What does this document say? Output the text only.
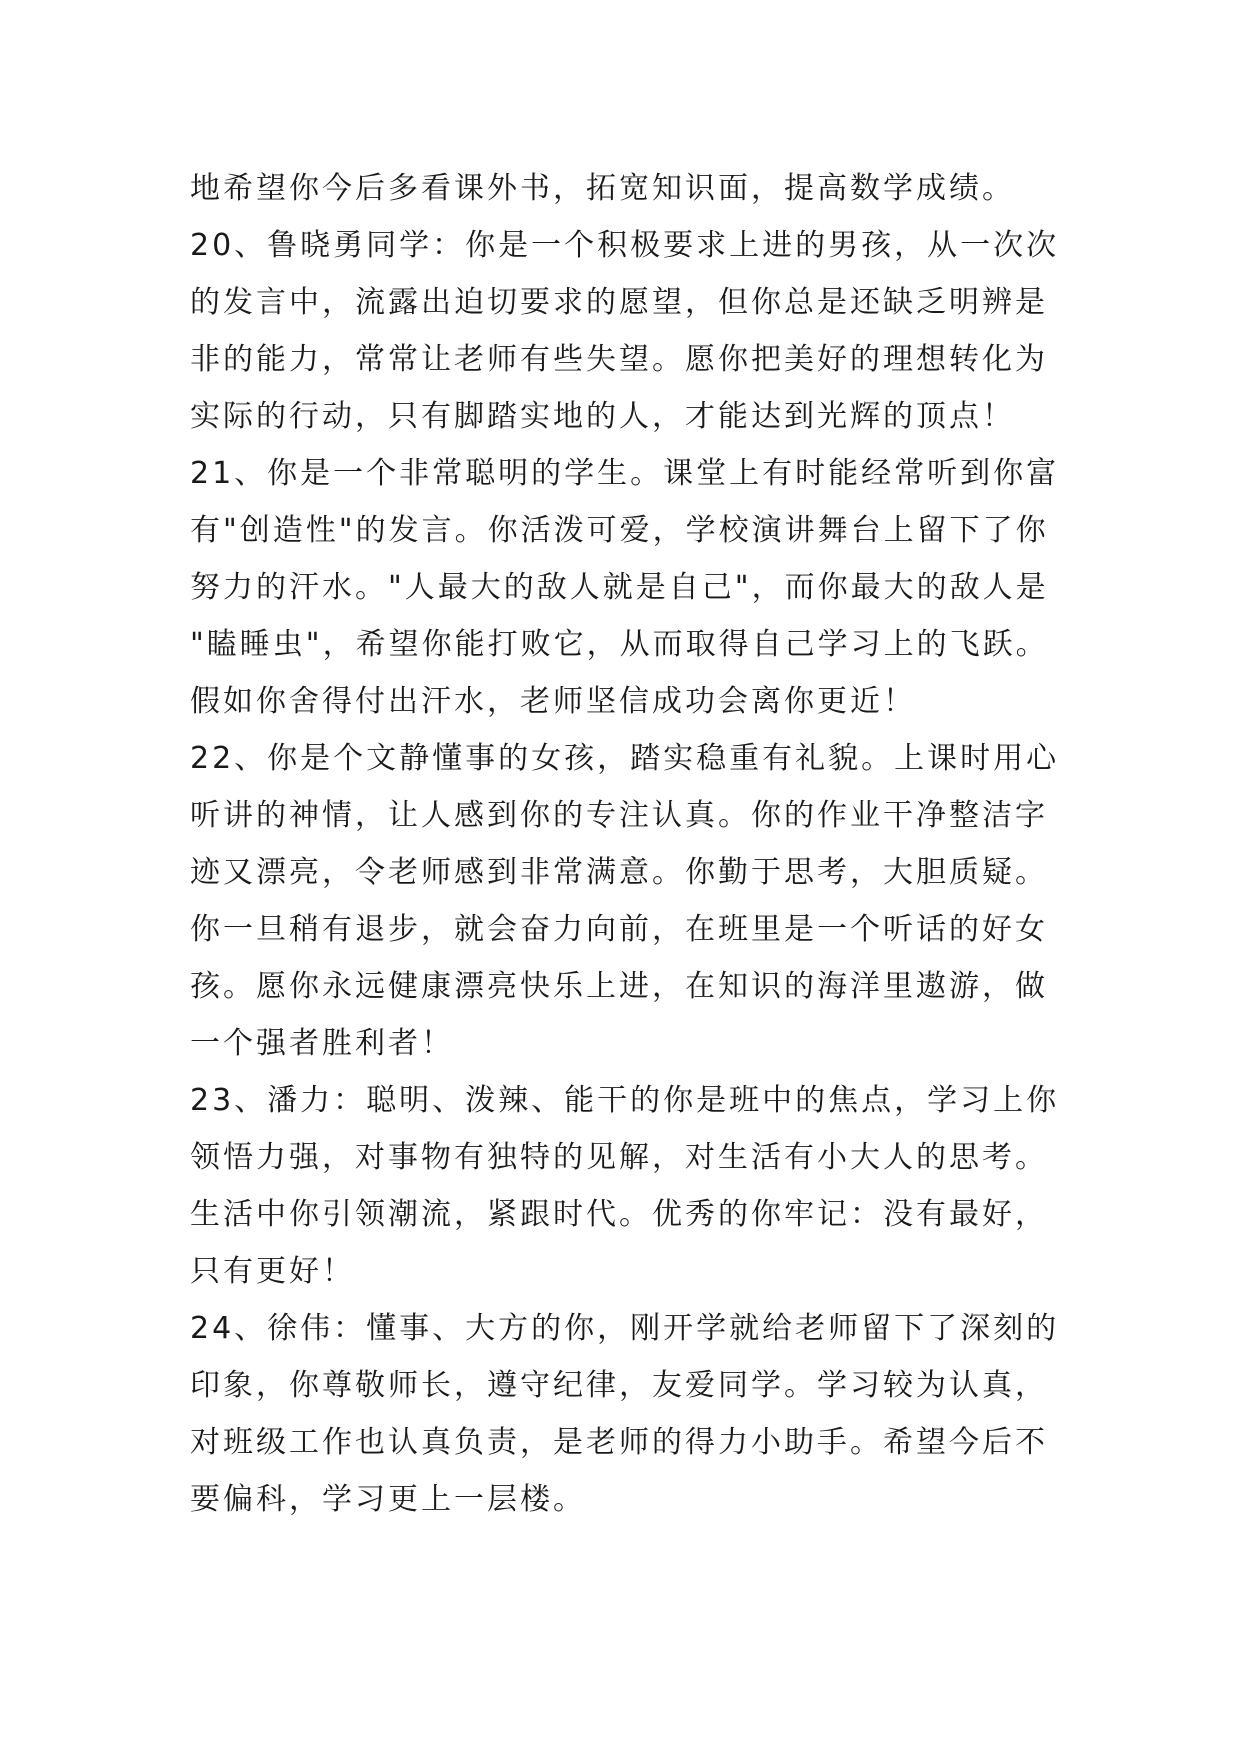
地希望你今后多看课外书，拓宽知识面，提高数学成绩。
20、鲁晓勇同学：你是一个积极要求上进的男孩，从一次次
的发言中，流露出迫切要求的愿望，但你总是还缺乏明辨是
非的能力，常常让老师有些失望。愿你把美好的理想转化为
实际的行动，只有脚踏实地的人，才能达到光辉的顶点！
21、你是一个非常聪明的学生。课堂上有时能经常听到你富
有"创造性"的发言。你活泼可爱，学校演讲舞台上留下了你
努力的汗水。"人最大的敌人就是自己"，而你最大的敌人是
"瞌睡虫"，希望你能打败它，从而取得自己学习上的飞跃。
假如你舍得付出汗水，老师坚信成功会离你更近！
22、你是个文静懂事的女孩，踏实稳重有礼貌。上课时用心
听讲的神情，让人感到你的专注认真。你的作业干净整洁字
迹又漂亮，令老师感到非常满意。你勤于思考，大胆质疑。
你一旦稍有退步，就会奋力向前，在班里是一个听话的好女
孩。愿你永远健康漂亮快乐上进，在知识的海洋里遨游，做
一个强者胜利者！
23、潘力：聪明、泼辣、能干的你是班中的焦点，学习上你
领悟力强，对事物有独特的见解，对生活有小大人的思考。
生活中你引领潮流，紧跟时代。优秀的你牢记：没有最好，
只有更好！
24、徐伟：懂事、大方的你，刚开学就给老师留下了深刻的
印象，你尊敬师长，遵守纪律，友爱同学。学习较为认真，
对班级工作也认真负责，是老师的得力小助手。希望今后不
要偏科，学习更上一层楼。
